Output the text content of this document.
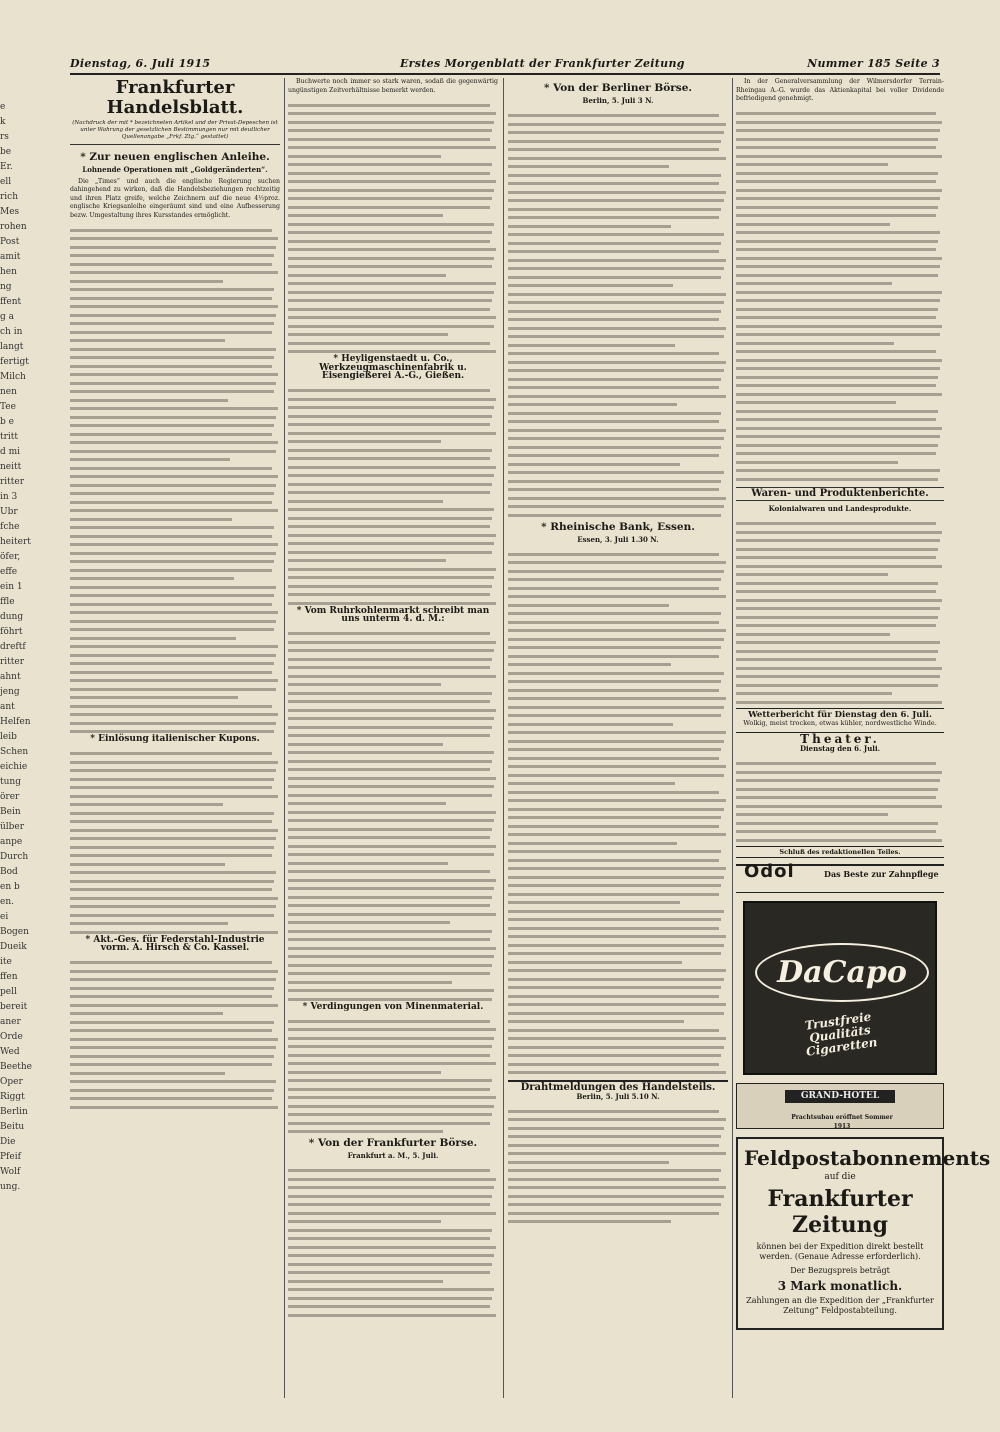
e
k
rs
be
Er.
ell
rich
Mes
rohen
Post
amit
hen
ng
ffent
g a
ch in
langt
fertigt
Milch
nen
Tee
b e
tritt
d mi
neitt
ritter
in 3
Ubr
fche
heitert
öfer,
effe
ein 1
ffle
dung
föhrt
dreftf
ritter
ahnt
jeng
ant
Helfen
leib
Schen
eichie
tung
örer
Bein
ülber
anpe
Durch
Bod
en b
en.
ei
Bogen
Dueik
ite
ffen
pell
bereit
aner
Orde
Wed
Beethe
Oper
Riggt
Berlin
Beitu
Die
Pfeif
Wolf
ung.
Dienstag, 6. Juli 1915	Erstes Morgenblatt der Frankfurter Zeitung	Nummer 185 Seite 3
Frankfurter Handelsblatt.
(Nachdruck der mit * bezeichneten Artikel und der Privat-Depeschen ist unter Wahrung der gesetzlichen Bestimmungen nur mit deutlicher Quellenangabe „Frkf. Ztg.“ gestattet)
* Zur neuen englischen Anleihe.
Lohnende Operationen mit „Goldgeränderten“.

Die „Times“ und auch die englische Regierung suchen dahingehend zu wirken, daß die Handelsbeziehungen rechtzeitig und ihren Platz greife, welche Zeichnern auf die neue 4½proz. englische Kriegsanleihe eingeräumt sind und eine Aufbesserung bezw. Umgestaltung ihres Kursstandes ermöglicht.

* Einlösung italienischer Kupons.
* Akt.-Ges. für Federstahl-Industrie vorm. A. Hirsch & Co. Kassel.

Buchwerte noch immer so stark waren, sodaß die gegenwärtig ungünstigen Zeitverhältnisse bemerkt werden.

* Heyligenstaedt u. Co., Werkzeugmaschinenfabrik u. Eisengießerei A.-G., Gießen.
* Vom Ruhrkohlenmarkt schreibt man uns unterm 4. d. M.:
* Verdingungen von Minenmaterial.
* Von der Frankfurter Börse.
Frankfurt a. M., 5. Juli.
* Von der Berliner Börse.
Berlin, 5. Juli 3 N.
* Rheinische Bank, Essen.
Essen, 3. Juli 1.30 N.
Drahtmeldungen des Handelsteils.
Berlin, 5. Juli 5.10 N.

In der Generalversammlung der Wilmersdorfer Terrain-Rheingau A.-G. wurde das Aktienkapital bei voller Dividende befriedigend genehmigt.

Waren- und Produktenberichte.
Kolonialwaren und Landesprodukte.
Wetterbericht für Dienstag den 6. Juli.
Wolkig, meist trocken, etwas kühler, nordwestliche Winde.
Theater.
Dienstag den 6. Juli.
Schluß des redaktionellen Teiles.
Odol	Das Beste zur Zahnpflege
DaCapo
Trustfreie Qualitäts Cigaretten
GRAND-HOTEL
Prachtsubau eröffnet Sommer 1913
Feldpostabonnements
auf die
Frankfurter Zeitung
können bei der Expedition direkt bestellt werden. (Genaue Adresse erforderlich).
Der Bezugspreis beträgt
3 Mark monatlich.
Zahlungen an die Expedition der „Frankfurter Zeitung“ Feldpostabteilung.
